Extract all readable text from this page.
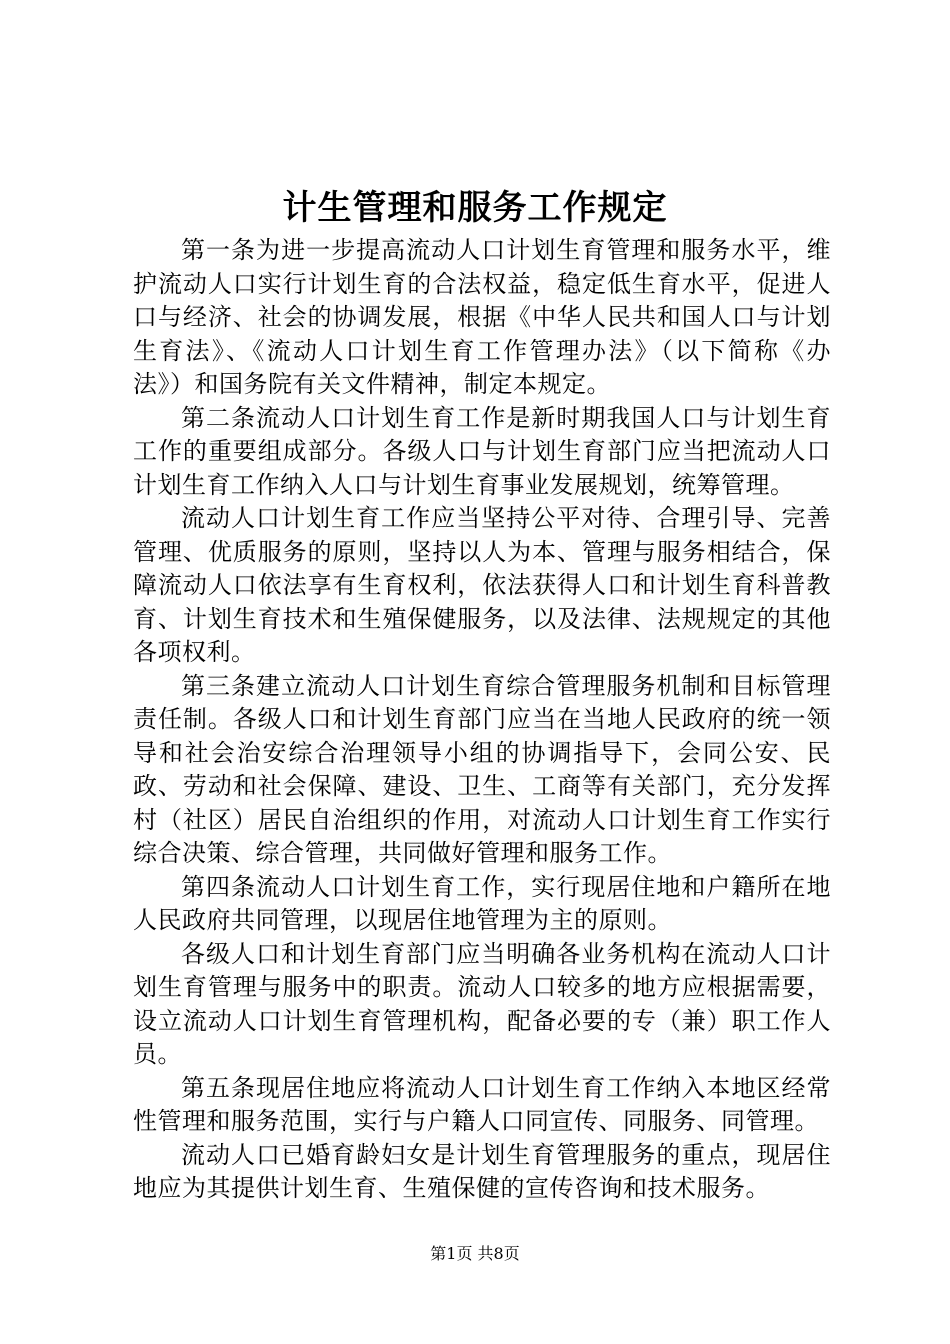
计生管理和服务工作规定

第一条为进一步提高流动人口计划生育管理和服务水平，维护流动人口实行计划生育的合法权益，稳定低生育水平，促进人口与经济、社会的协调发展，根据《中华人民共和国人口与计划生育法》、《流动人口计划生育工作管理办法》（以下简称《办法》）和国务院有关文件精神，制定本规定。

第二条流动人口计划生育工作是新时期我国人口与计划生育工作的重要组成部分。各级人口与计划生育部门应当把流动人口计划生育工作纳入人口与计划生育事业发展规划，统筹管理。

流动人口计划生育工作应当坚持公平对待、合理引导、完善管理、优质服务的原则，坚持以人为本、管理与服务相结合，保障流动人口依法享有生育权利，依法获得人口和计划生育科普教育、计划生育技术和生殖保健服务，以及法律、法规规定的其他各项权利。

第三条建立流动人口计划生育综合管理服务机制和目标管理责任制。各级人口和计划生育部门应当在当地人民政府的统一领导和社会治安综合治理领导小组的协调指导下，会同公安、民政、劳动和社会保障、建设、卫生、工商等有关部门，充分发挥村（社区）居民自治组织的作用，对流动人口计划生育工作实行综合决策、综合管理，共同做好管理和服务工作。

第四条流动人口计划生育工作，实行现居住地和户籍所在地人民政府共同管理，以现居住地管理为主的原则。

各级人口和计划生育部门应当明确各业务机构在流动人口计划生育管理与服务中的职责。流动人口较多的地方应根据需要，设立流动人口计划生育管理机构，配备必要的专（兼）职工作人员。

第五条现居住地应将流动人口计划生育工作纳入本地区经常性管理和服务范围，实行与户籍人口同宣传、同服务、同管理。

流动人口已婚育龄妇女是计划生育管理服务的重点，现居住地应为其提供计划生育、生殖保健的宣传咨询和技术服务。

第1页 共8页
